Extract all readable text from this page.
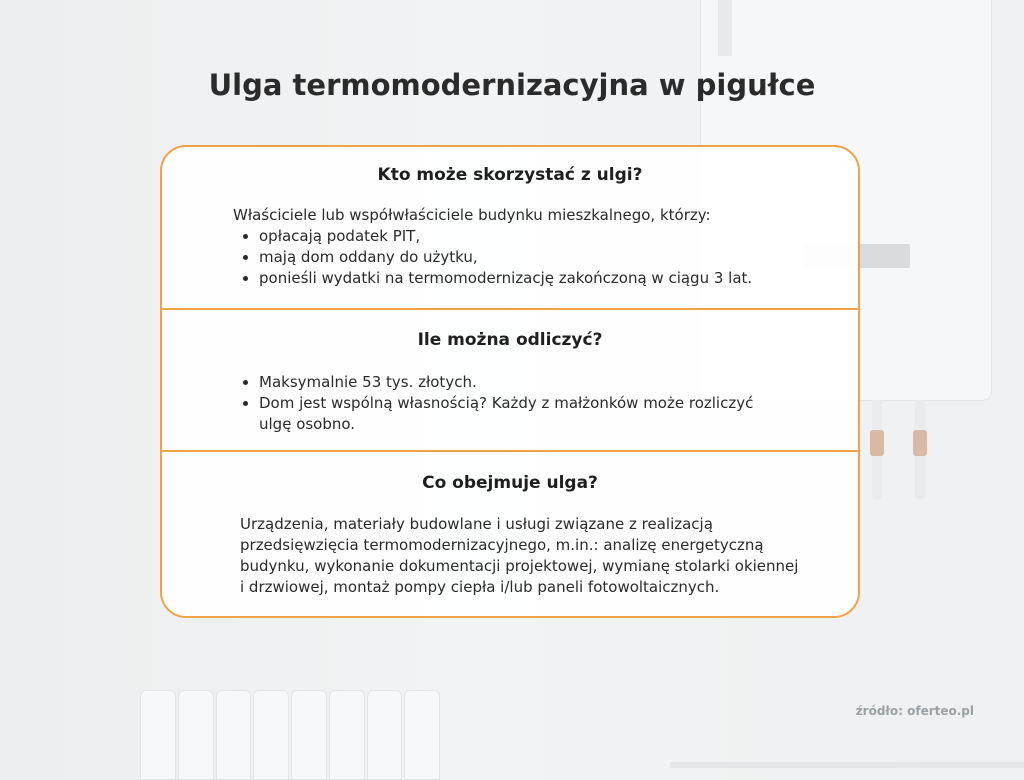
Ulga termomodernizacyjna w pigułce
Kto może skorzystać z ulgi?

Właściciele lub współwłaściciele budynku mieszkalnego, którzy:

• opłacają podatek PIT,
• mają dom oddany do użytku,
• ponieśli wydatki na termomodernizację zakończoną w ciągu 3 lat.
Ile można odliczyć?
• Maksymalnie 53 tys. złotych.
• Dom jest wspólną własnością? Każdy z małżonków może rozliczyć ulgę osobno.
Co obejmuje ulga?

Urządzenia, materiały budowlane i usługi związane z realizacją przedsięwzięcia termomodernizacyjnego, m.in.: analizę energetyczną budynku, wykonanie dokumentacji projektowej, wymianę stolarki okiennej i drzwiowej, montaż pompy ciepła i/lub paneli fotowoltaicznych.

źródło: oferteo.pl
